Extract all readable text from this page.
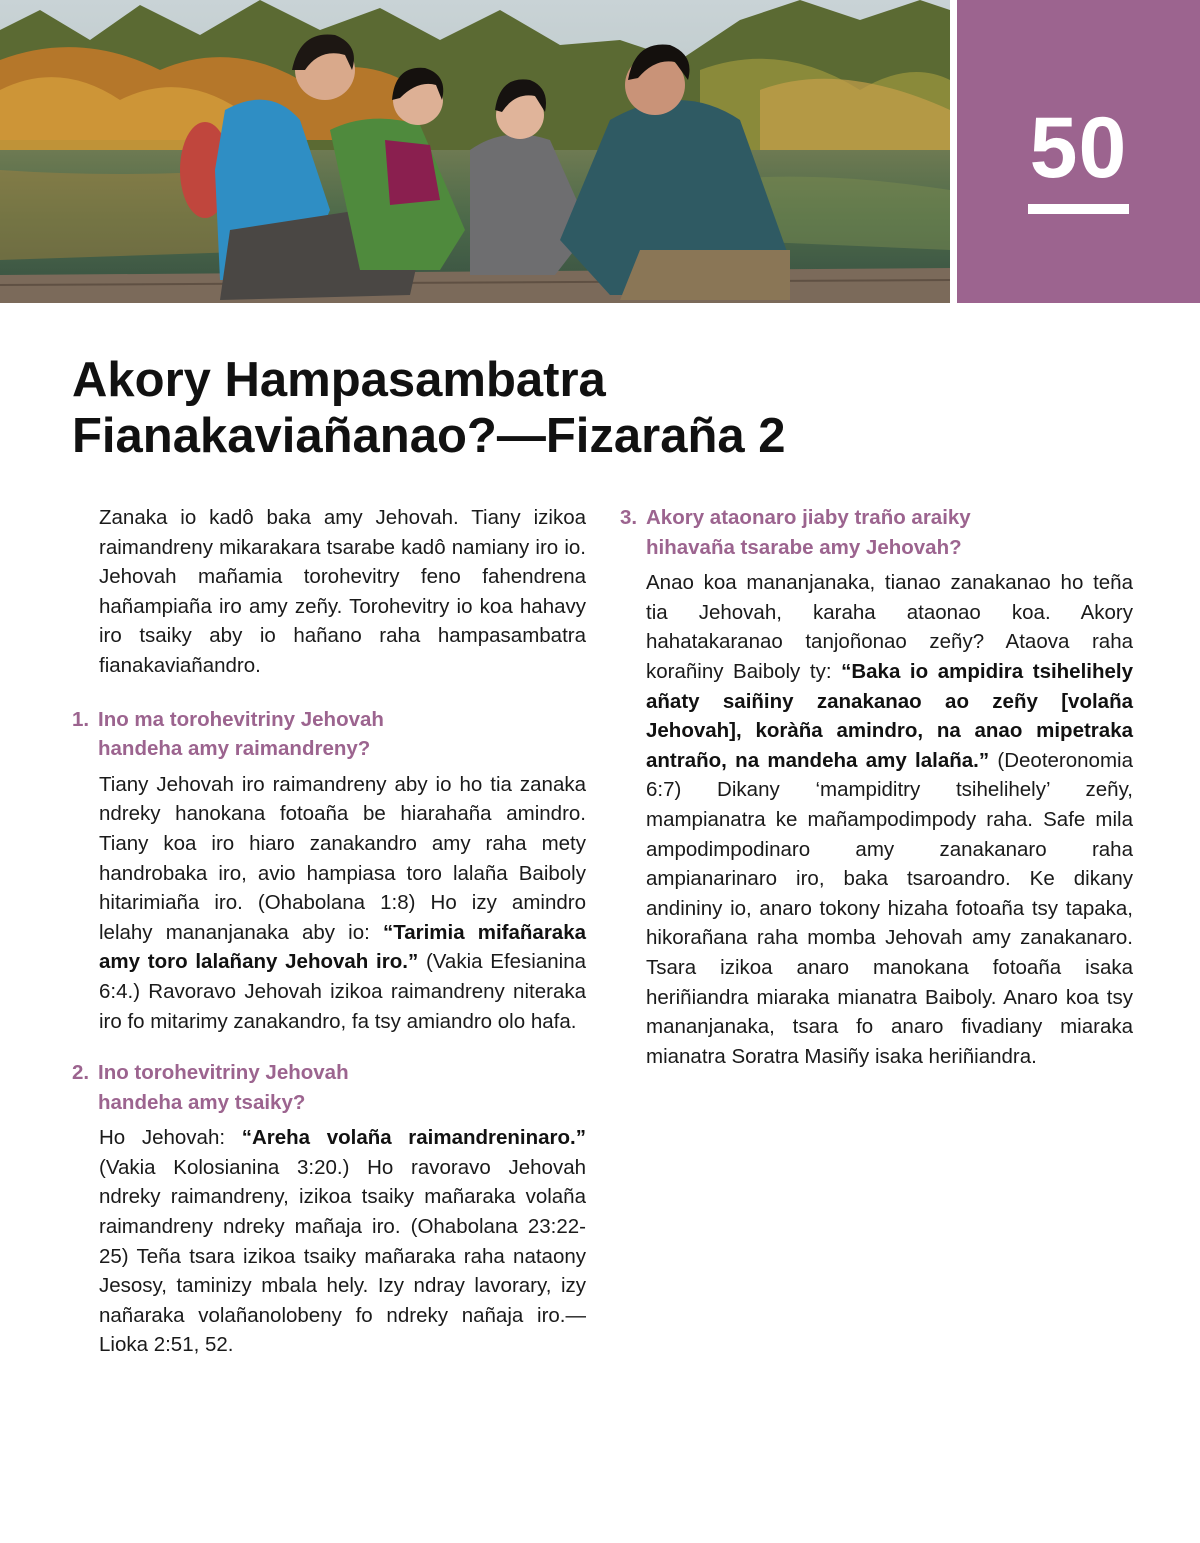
50
Akory Hampasambatra
Fianakaviañanao?—Fizaraña 2

Zanaka io kadô baka amy Jehovah. Tiany izikoa raimandreny mikarakara tsarabe kadô namiany iro io. Jehovah mañamia torohevitry feno fahendrena hañampiaña iro amy zeñy. Torohevitry io koa hahavy iro tsaiky aby io hañano raha hampasambatra fianakaviañandro.

1. Ino ma torohevitriny Jehovah
handeha amy raimandreny?

Tiany Jehovah iro raimandreny aby io ho tia zanaka ndreky hanokana fotoaña be hiarahaña amindro. Tiany koa iro hiaro zanakandro amy raha mety handrobaka iro, avio hampiasa toro lalaña Baiboly hitarimiaña iro. (Ohabolana 1:8) Ho izy amindro lelahy mananjanaka aby io: “Tarimia mifañaraka amy toro lalañany Jehovah iro.” (Vakia Efesianina 6:4.) Ravoravo Jehovah izikoa raimandreny niteraka iro fo mitarimy zanakandro, fa tsy amiandro olo hafa.

2. Ino torohevitriny Jehovah
handeha amy tsaiky?

Ho Jehovah: “Areha volaña raimandreninaro.” (Vakia Kolosianina 3:20.) Ho ravoravo Jehovah ndreky raimandreny, izikoa tsaiky mañaraka volaña raimandreny ndreky mañaja iro. (Ohabolana 23:22-25) Teña tsara izikoa tsaiky mañaraka raha nataony Jesosy, taminizy mbala hely. Izy ndray lavorary, izy nañaraka volañanolobeny fo ndreky nañaja iro.—Lioka 2:51, 52.

3. Akory ataonaro jiaby traño araiky
hihavaña tsarabe amy Jehovah?

Anao koa mananjanaka, tianao zanakanao ho teña tia Jehovah, karaha ataonao koa. Akory hahatakaranao tanjoñonao zeñy? Ataova raha korañiny Baiboly ty: “Baka io ampidira tsihelihely añaty saiñiny zanakanao ao zeñy [volaña Jehovah], koràña amindro, na anao mipetraka antraño, na mandeha amy lalaña.” (Deoteronomia 6:7) Dikany ‘mampiditry tsihelihely’ zeñy, mampianatra ke mañampodimpody raha. Safe mila ampodimpodinaro amy zanakanaro raha ampianarinaro iro, baka tsaroandro. Ke dikany andininy io, anaro tokony hizaha fotoaña tsy tapaka, hikorañana raha momba Jehovah amy zanakanaro. Tsara izikoa anaro manokana fotoaña isaka heriñiandra miaraka mianatra Baiboly. Anaro koa tsy mananjanaka, tsara fo anaro fivadiany miaraka mianatra Soratra Masiñy isaka heriñiandra.
